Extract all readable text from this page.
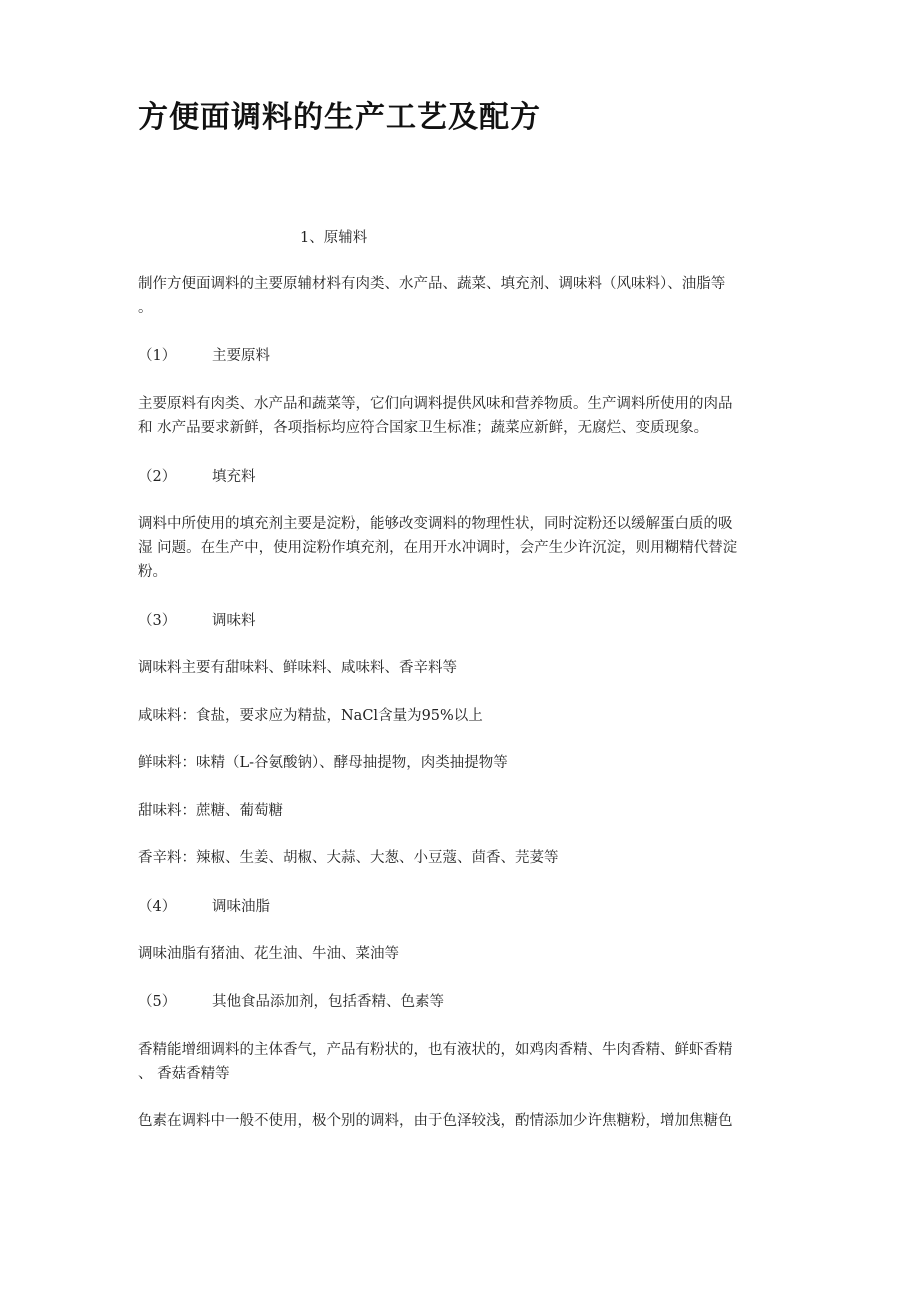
方便面调料的生产工艺及配方

1、原辅料

制作方便面调料的主要原辅材料有肉类、水产品、蔬菜、填充剂、调味料（风味料）、油脂等
。

（1） 主要原料

主要原料有肉类、水产品和蔬菜等，它们向调料提供风味和营养物质。生产调料所使用的肉品
和 水产品要求新鲜，各项指标均应符合国家卫生标准；蔬菜应新鲜，无腐烂、变质现象。

（2） 填充料

调料中所使用的填充剂主要是淀粉，能够改变调料的物理性状，同时淀粉还以缓解蛋白质的吸
湿 问题。在生产中，使用淀粉作填充剂，在用开水冲调时，会产生少许沉淀，则用糊精代替淀
粉。

（3） 调味料

调味料主要有甜味料、鲜味料、咸味料、香辛料等

咸味料：食盐，要求应为精盐，NaCl含量为95%以上

鲜味料：味精（L-谷氨酸钠）、酵母抽提物，肉类抽提物等

甜味料：蔗糖、葡萄糖

香辛料：辣椒、生姜、胡椒、大蒜、大葱、小豆蔻、茴香、芫荽等

（4） 调味油脂

调味油脂有猪油、花生油、牛油、菜油等

（5） 其他食品添加剂，包括香精、色素等

香精能增细调料的主体香气，产品有粉状的，也有液状的，如鸡肉香精、牛肉香精、鲜虾香精
、 香菇香精等

色素在调料中一般不使用，极个别的调料，由于色泽较浅，酌情添加少许焦糖粉，增加焦糖色
